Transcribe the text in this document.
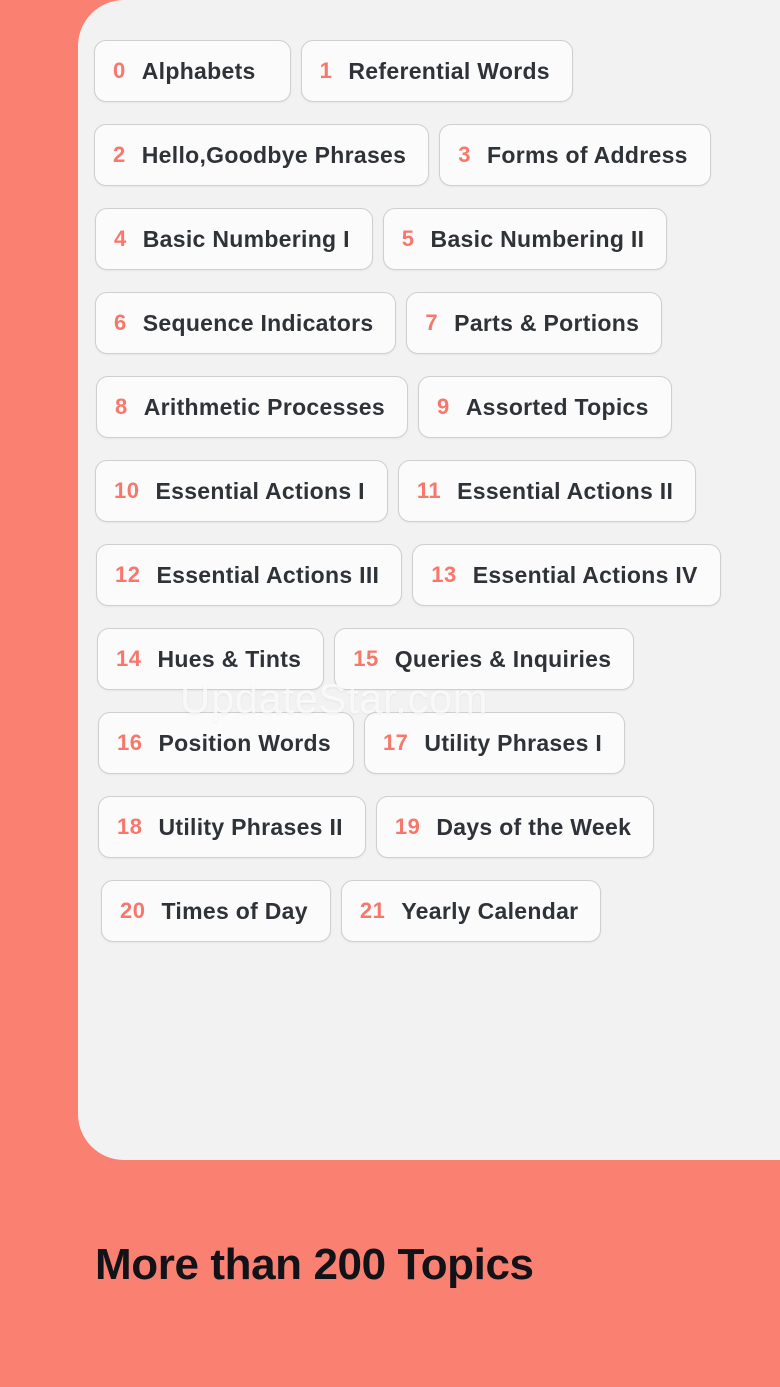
0 Alphabets	1 Referential Words
2 Hello,Goodbye Phrases 3 Forms of Address
4 Basic Numbering I 5 Basic Numbering II
6 Sequence Indicators 7 Parts & Portions
8 Arithmetic Processes 9 Assorted Topics
10 Essential Actions I 11 Essential Actions II
12 Essential Actions III 13 Essential Actions IV
14 Hues & Tints 15 Queries & Inquiries
16 Position Words 17 Utility Phrases I
18 Utility Phrases II 19 Days of the Week
20 Times of Day 21 Yearly Calendar
UpdateStar.com
More than 200 Topics
